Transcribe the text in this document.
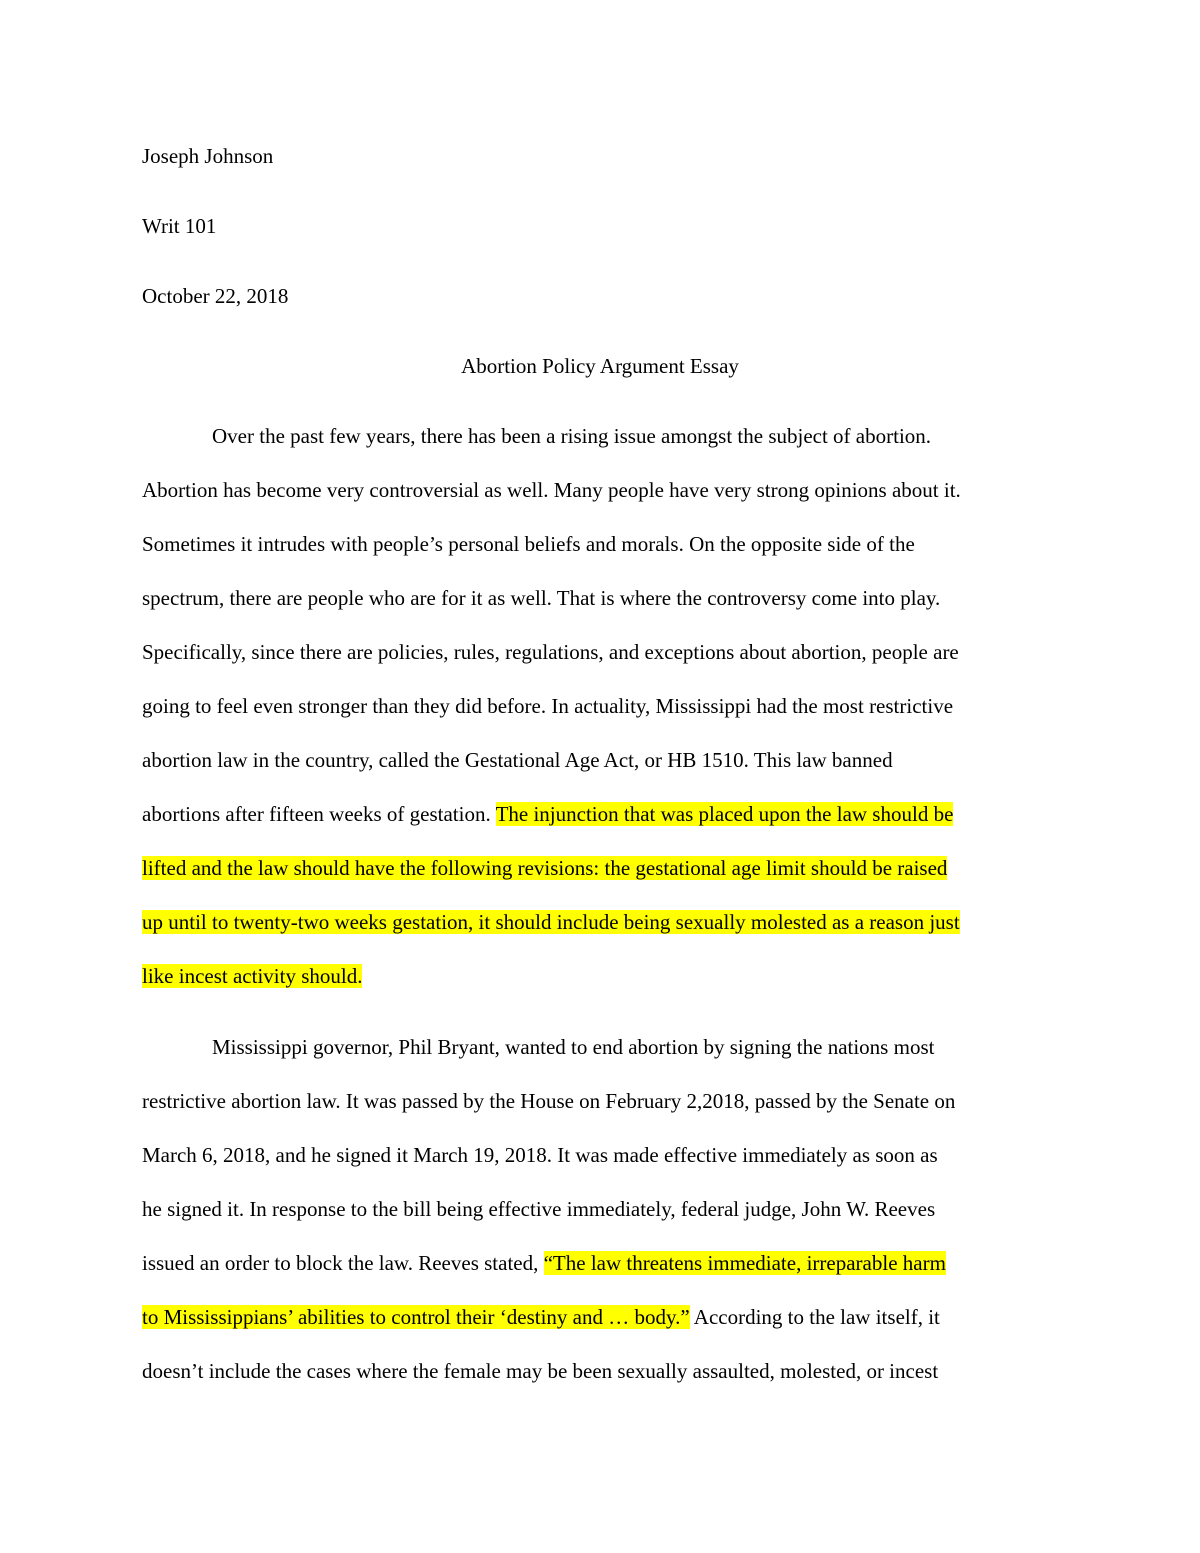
Joseph Johnson
Writ 101
October 22, 2018
Abortion Policy Argument Essay
Over the past few years, there has been a rising issue amongst the subject of abortion.
Abortion has become very controversial as well. Many people have very strong opinions about it.
Sometimes it intrudes with people’s personal beliefs and morals. On the opposite side of the
spectrum, there are people who are for it as well. That is where the controversy come into play.
Specifically, since there are policies, rules, regulations, and exceptions about abortion, people are
going to feel even stronger than they did before. In actuality, Mississippi had the most restrictive
abortion law in the country, called the Gestational Age Act, or HB 1510. This law banned
abortions after fifteen weeks of gestation. The injunction that was placed upon the law should be
lifted and the law should have the following revisions: the gestational age limit should be raised
up until to twenty-two weeks gestation, it should include being sexually molested as a reason just
like incest activity should.
Mississippi governor, Phil Bryant, wanted to end abortion by signing the nations most
restrictive abortion law. It was passed by the House on February 2,2018, passed by the Senate on
March 6, 2018, and he signed it March 19, 2018. It was made effective immediately as soon as
he signed it. In response to the bill being effective immediately, federal judge, John W. Reeves
issued an order to block the law. Reeves stated, “The law threatens immediate, irreparable harm
to Mississippians’ abilities to control their ‘destiny and … body.” According to the law itself, it
doesn’t include the cases where the female may be been sexually assaulted, molested, or incest
